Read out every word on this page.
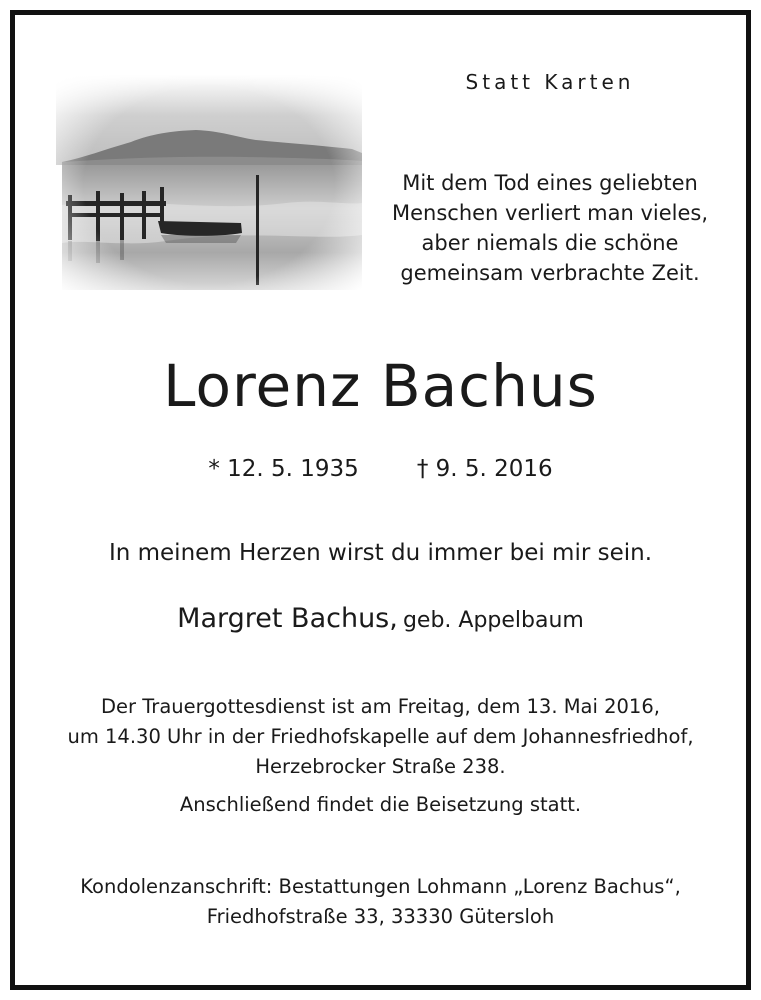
Statt Karten
Mit dem Tod eines geliebten
Menschen verliert man vieles,
aber niemals die schöne
gemeinsam verbrachte Zeit.
Lorenz Bachus
* 12. 5. 1935	† 9. 5. 2016
In meinem Herzen wirst du immer bei mir sein.
Margret Bachus, geb. Appelbaum
Der Trauergottesdienst ist am Freitag, dem 13. Mai 2016,
um 14.30 Uhr in der Friedhofskapelle auf dem Johannesfriedhof,
Herzebrocker Straße 238.
Anschließend findet die Beisetzung statt.
Kondolenzanschrift: Bestattungen Lohmann „Lorenz Bachus“,
Friedhofstraße 33, 33330 Gütersloh
